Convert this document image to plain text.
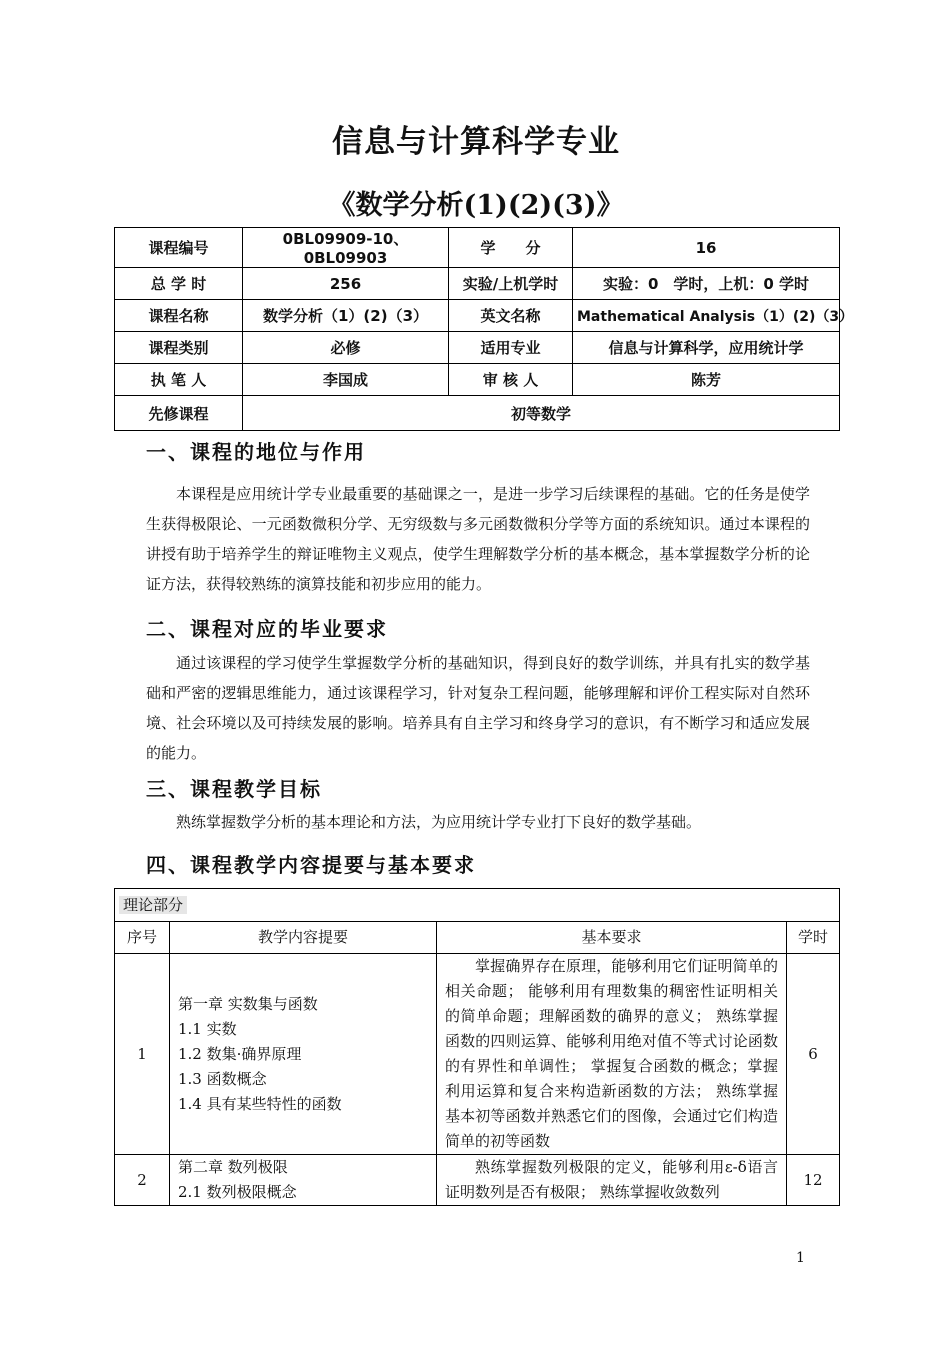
信息与计算科学专业
《数学分析(1)(2)(3)》
课程编号	0BL09909-10、0BL09903	学　　分	16
总 学 时	256	实验/上机学时	实验：0　学时，上机：0 学时
课程名称	数学分析（1）(2)（3）	英文名称	Mathematical Analysis（1）(2)（3）
课程类别	必修	适用专业	信息与计算科学，应用统计学
执 笔 人	李国成	审 核 人	陈芳
先修课程	初等数学		
一、课程的地位与作用

本课程是应用统计学专业最重要的基础课之一，是进一步学习后续课程的基础。它的任务是使学生获得极限论、一元函数微积分学、无穷级数与多元函数微积分学等方面的系统知识。通过本课程的讲授有助于培养学生的辩证唯物主义观点，使学生理解数学分析的基本概念，基本掌握数学分析的论证方法，获得较熟练的演算技能和初步应用的能力。

二、课程对应的毕业要求

通过该课程的学习使学生掌握数学分析的基础知识，得到良好的数学训练，并具有扎实的数学基础和严密的逻辑思维能力，通过该课程学习，针对复杂工程问题，能够理解和评价工程实际对自然环境、社会环境以及可持续发展的影响。培养具有自主学习和终身学习的意识，有不断学习和适应发展的能力。

三、课程教学目标

熟练掌握数学分析的基本理论和方法，为应用统计学专业打下良好的数学基础。

四、课程教学内容提要与基本要求
理论部分			
序号	教学内容提要	基本要求	学时
1	第一章 实数集与函数
1.1 实数
1.2 数集·确界原理
1.3 函数概念
1.4 具有某些特性的函数	掌握确界存在原理，能够利用它们证明简单的相关命题； 能够利用有理数集的稠密性证明相关的简单命题；理解函数的确界的意义； 熟练掌握函数的四则运算、能够利用绝对值不等式讨论函数的有界性和单调性； 掌握复合函数的概念；掌握利用运算和复合来构造新函数的方法； 熟练掌握基本初等函数并熟悉它们的图像，会通过它们构造简单的初等函数	6
2	第二章 数列极限
2.1 数列极限概念	熟练掌握数列极限的定义，能够利用ε-δ语言证明数列是否有极限； 熟练掌握收敛数列	12
1
